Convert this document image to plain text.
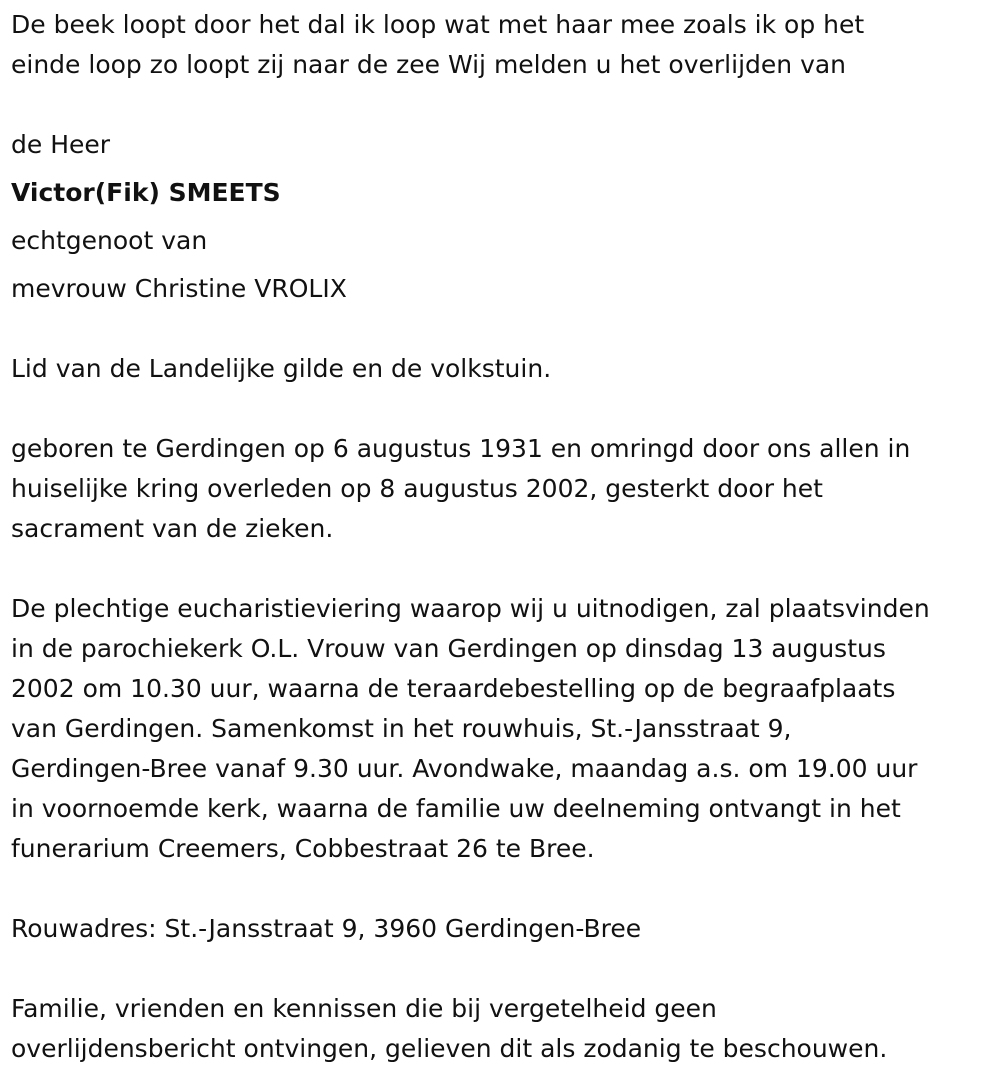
De beek loopt door het dal ik loop wat met haar mee zoals ik op het
einde loop zo loopt zij naar de zee Wij melden u het overlijden van
de Heer
Victor(Fik) SMEETS
echtgenoot van
mevrouw Christine VROLIX
Lid van de Landelijke gilde en de volkstuin.
geboren te Gerdingen op 6 augustus 1931 en omringd door ons allen in
huiselijke kring overleden op 8 augustus 2002, gesterkt door het
sacrament van de zieken.
De plechtige eucharistieviering waarop wij u uitnodigen, zal plaatsvinden
in de parochiekerk O.L. Vrouw van Gerdingen op dinsdag 13 augustus
2002 om 10.30 uur, waarna de teraardebestelling op de begraafplaats
van Gerdingen. Samenkomst in het rouwhuis, St.-Jansstraat 9,
Gerdingen-Bree vanaf 9.30 uur. Avondwake, maandag a.s. om 19.00 uur
in voornoemde kerk, waarna de familie uw deelneming ontvangt in het
funerarium Creemers, Cobbestraat 26 te Bree.
Rouwadres: St.-Jansstraat 9, 3960 Gerdingen-Bree
Familie, vrienden en kennissen die bij vergetelheid geen
overlijdensbericht ontvingen, gelieven dit als zodanig te beschouwen.
